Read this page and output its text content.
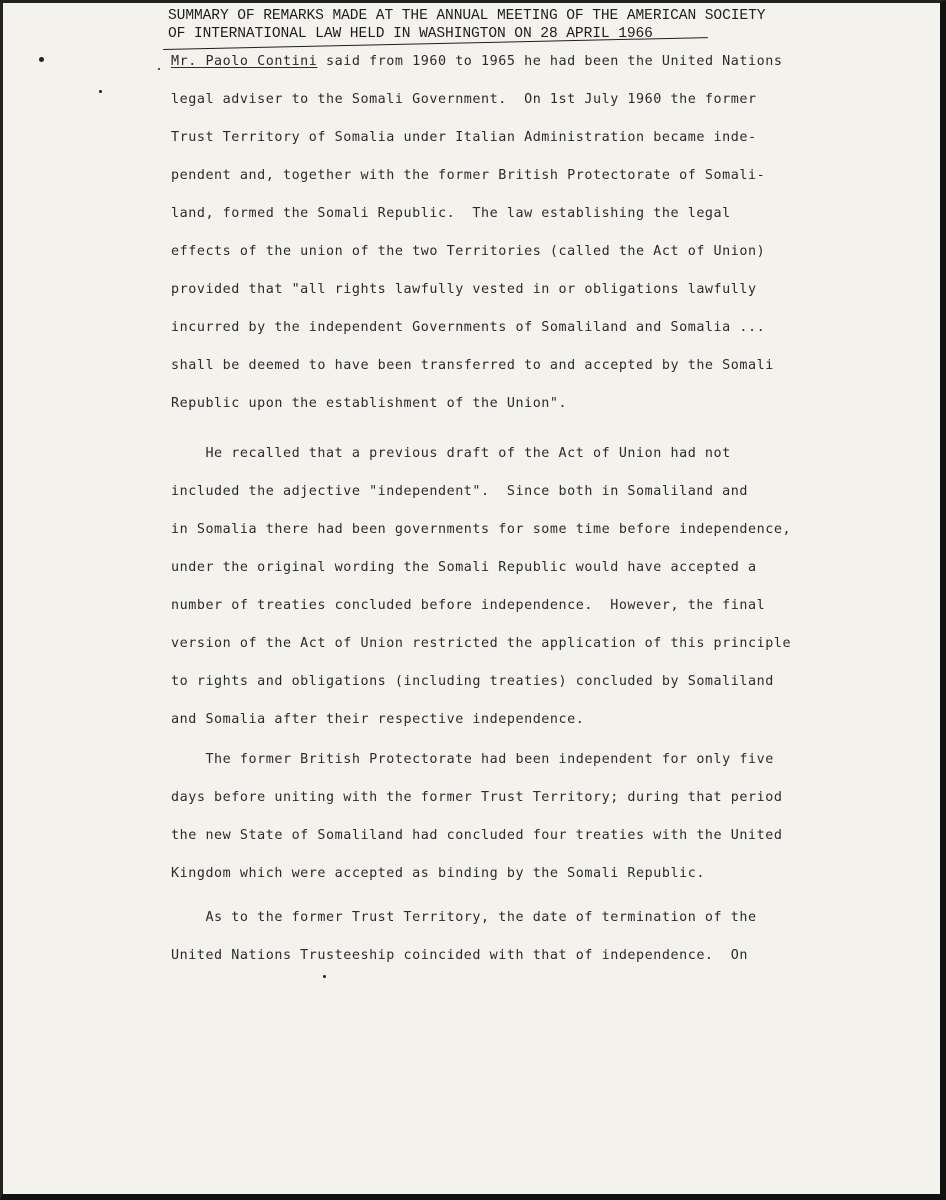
SUMMARY OF REMARKS MADE AT THE ANNUAL MEETING OF THE AMERICAN SOCIETY
OF INTERNATIONAL LAW HELD IN WASHINGTON ON 28 APRIL 1966
Mr. Paolo Contini said from 1960 to 1965 he had been the United Nations
legal adviser to the Somali Government.  On 1st July 1960 the former
Trust Territory of Somalia under Italian Administration became inde-
pendent and, together with the former British Protectorate of Somali-
land, formed the Somali Republic.  The law establishing the legal
effects of the union of the two Territories (called the Act of Union)
provided that "all rights lawfully vested in or obligations lawfully
incurred by the independent Governments of Somaliland and Somalia ...
shall be deemed to have been transferred to and accepted by the Somali
Republic upon the establishment of the Union".
He recalled that a previous draft of the Act of Union had not
included the adjective "independent".  Since both in Somaliland and
in Somalia there had been governments for some time before independence,
under the original wording the Somali Republic would have accepted a
number of treaties concluded before independence.  However, the final
version of the Act of Union restricted the application of this principle
to rights and obligations (including treaties) concluded by Somaliland
and Somalia after their respective independence.
The former British Protectorate had been independent for only five
days before uniting with the former Trust Territory; during that period
the new State of Somaliland had concluded four treaties with the United
Kingdom which were accepted as binding by the Somali Republic.
As to the former Trust Territory, the date of termination of the
United Nations Trusteeship coincided with that of independence.  On
